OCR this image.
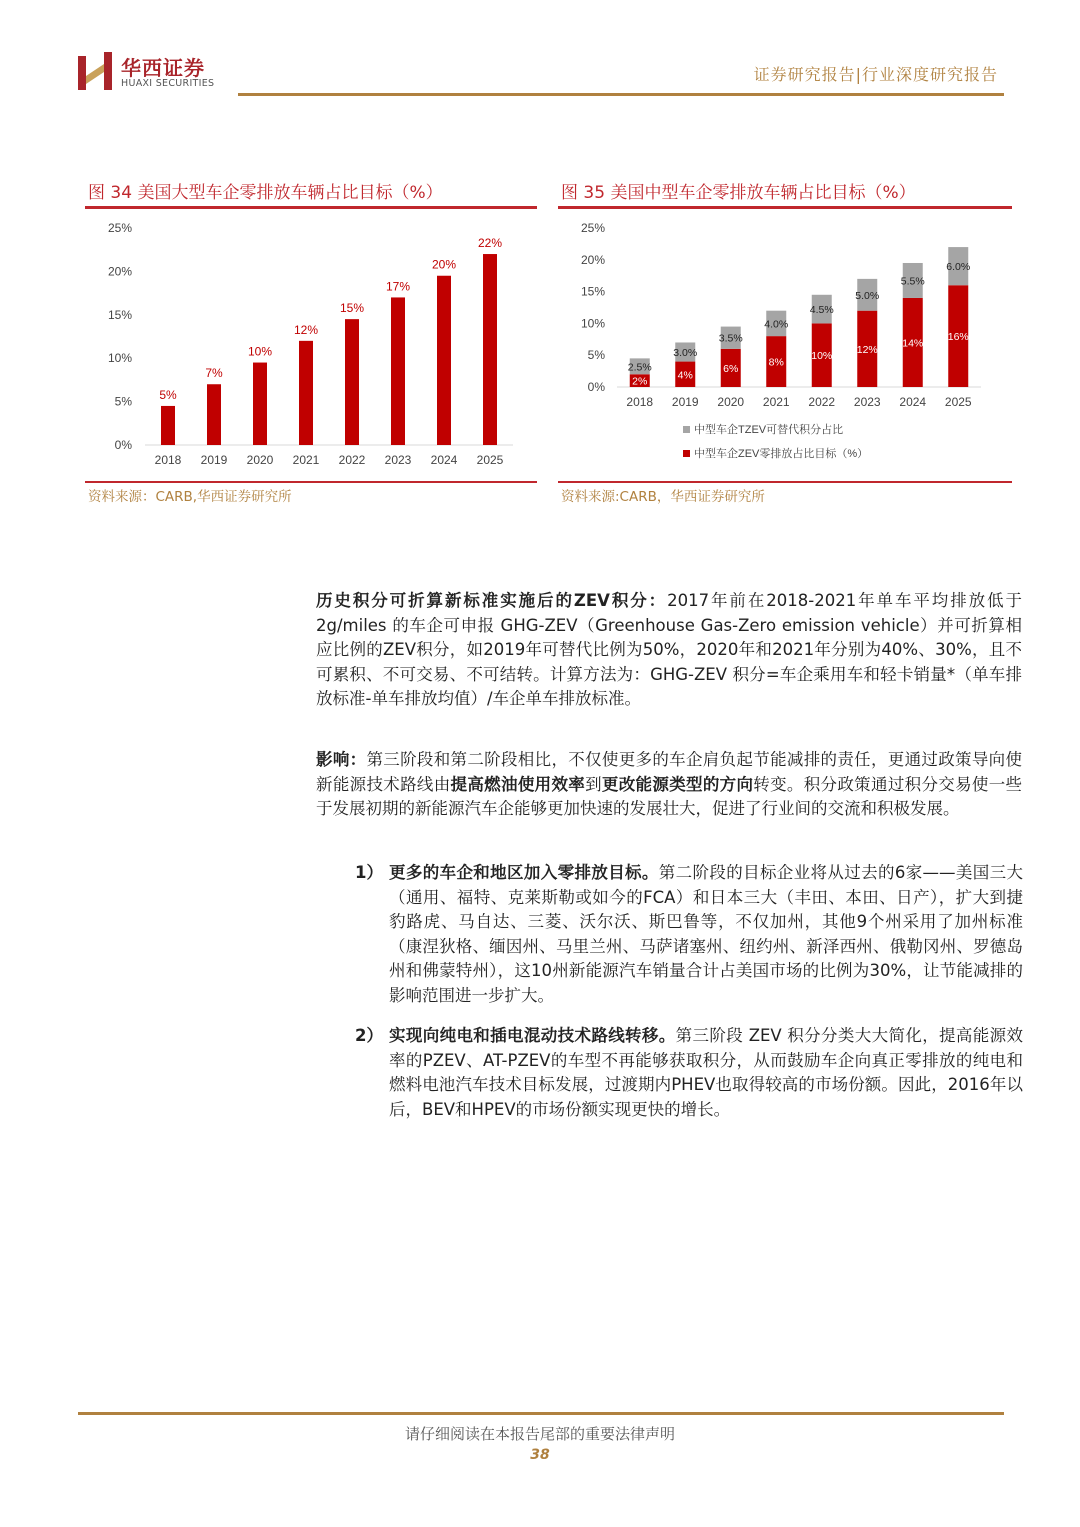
华西证券
HUAXI SECURITIES	证券研究报告|行业深度研究报告
图 34 美国大型车企零排放车辆占比目标（%）
0%
5%
10%
15%
20%
25%
5%
2018
7%
2019
10%
2020
12%
2021
15%
2022
17%
2023
20%
2024
22%
2025
资料来源：CARB,华西证券研究所
图 35 美国中型车企零排放车辆占比目标（%）
0%
5%
10%
15%
20%
25%
2%
2.5%
2018
4%
3.0%
2019
6%
3.5%
2020
8%
4.0%
2021
10%
4.5%
2022
12%
5.0%
2023
14%
5.5%
2024
16%
6.0%
2025
中型车企TZEV可替代积分占比
中型车企ZEV零排放占比目标（%）
资料来源:CARB，华西证券研究所
历史积分可折算新标准实施后的ZEV积分：2017年前在2018-2021年单车平均排放低于 2g/miles 的车企可申报 GHG-ZEV（Greenhouse Gas-Zero emission vehicle）并可折算相应比例的ZEV积分，如2019年可替代比例为50%，2020年和2021年分别为40%、30%，且不可累积、不可交易、不可结转。计算方法为：GHG-ZEV 积分=车企乘用车和轻卡销量*（单车排放标准-单车排放均值）/车企单车排放标准。
影响：第三阶段和第二阶段相比，不仅使更多的车企肩负起节能减排的责任，更通过政策导向使新能源技术路线由提高燃油使用效率到更改能源类型的方向转变。积分政策通过积分交易使一些于发展初期的新能源汽车企能够更加快速的发展壮大，促进了行业间的交流和积极发展。
1） 更多的车企和地区加入零排放目标。第二阶段的目标企业将从过去的6家——美国三大（通用、福特、克莱斯勒或如今的FCA）和日本三大（丰田、本田、日产），扩大到捷豹路虎、马自达、三菱、沃尔沃、斯巴鲁等，不仅加州，其他9个州采用了加州标准（康涅狄格、缅因州、马里兰州、马萨诸塞州、纽约州、新泽西州、俄勒冈州、罗德岛州和佛蒙特州），这10州新能源汽车销量合计占美国市场的比例为30%，让节能减排的影响范围进一步扩大。
2） 实现向纯电和插电混动技术路线转移。第三阶段 ZEV 积分分类大大简化，提高能源效率的PZEV、AT-PZEV的车型不再能够获取积分，从而鼓励车企向真正零排放的纯电和燃料电池汽车技术目标发展，过渡期内PHEV也取得较高的市场份额。因此，2016年以后，BEV和HPEV的市场份额实现更快的增长。
请仔细阅读在本报告尾部的重要法律声明
38
